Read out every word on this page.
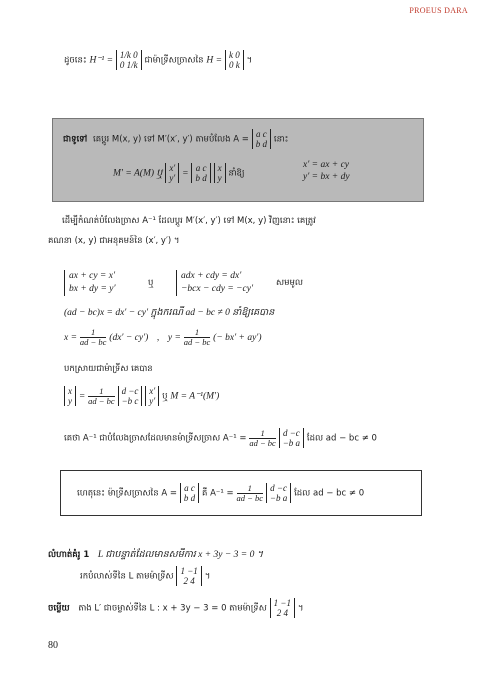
PROEUS DARA
ដូចនេះ H⁻¹ =
1/k 0
0 1/k ជាម៉ាទ្រីសច្រាសនៃ H =
k 0
0 k ។
ជាទូទៅ គេប្តូរ M(x, y) ទៅ M′(x′, y′) តាមបំលែង A =
a c
b d នោះ
M′ = A(M) ឬ
x′
y′ =
a c
b d

x
y នាំឱ្យ
x′ = ax + cy
y′ = bx + dy
ដើម្បីកំណត់បំលែងច្រាស A⁻¹ ដែលប្តូរ M′(x′, y′) ទៅ M(x, y) វិញនោះ គេត្រូវ
គណនា (x, y) ជាអនុគមន៍នៃ (x′, y′) ។
ax + cy = x′
bx + dy = y′
ឬ
adx + cdy = dx′
−bcx − cdy = −cy′
សមមូល
(ad − bc)x = dx′ − cy′ ក្នុងករណី ad − bc ≠ 0 នាំឱ្យគេបាន
$x = \frac{1}{ad - bc} (dx' - cy')$ , $y = \frac{1}{ad - bc}$ (− bx′ + ay′)
បកស្រាយជាម៉ាទ្រីស គេបាន
x
$y = \frac{1}{ad - bc}$
d −c
−b c

x′
y′ ឬ M = A⁻¹(M′)
គេថា A⁻¹ ជាបំលែងច្រាសដែលមានម៉ាទ្រីសច្រាស $A^{-1} = \frac{1}{ad - bc}$
d −c
−b a ដែល ad − bc ≠ 0
ហេតុនេះ ម៉ាទ្រីសច្រាសនៃ A =
a c
b d គឺ $A^{-1} = \frac{1}{ad - bc}$
d −c
−b a ដែល ad − bc ≠ 0
លំហាត់គំរូ 1 L ជាបន្ទាត់ដែលមានសមីការ x + 3y − 3 = 0 ។
រកបំលាស់ទីនៃ L តាមម៉ាទ្រីស
1 −1
2 4	។
ចម្លើយ តាង L′ ជាចម្លាស់ទីនៃ L : x + 3y − 3 = 0 តាមម៉ាទ្រីស
1 −1
2 4	។
80
